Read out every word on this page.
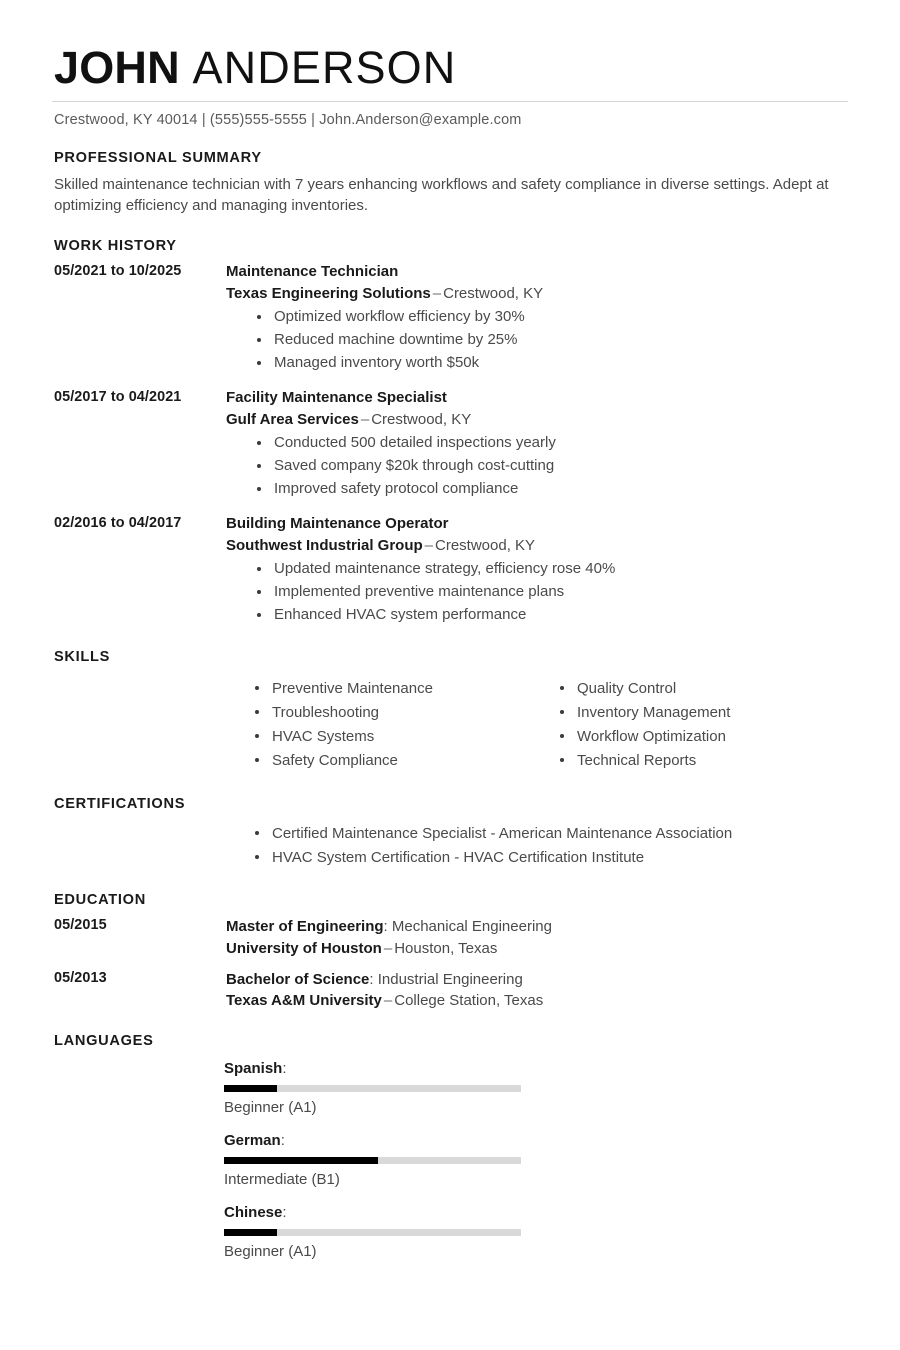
JOHN ANDERSON
Crestwood, KY 40014 | (555)555-5555 | John.Anderson@example.com
PROFESSIONAL SUMMARY
Skilled maintenance technician with 7 years enhancing workflows and safety compliance in diverse settings. Adept at optimizing efficiency and managing inventories.
WORK HISTORY
05/2021 to 10/2025	Maintenance Technician
Texas Engineering Solutions – Crestwood, KY
Optimized workflow efficiency by 30%
Reduced machine downtime by 25%
Managed inventory worth $50k
05/2017 to 04/2021	Facility Maintenance Specialist
Gulf Area Services – Crestwood, KY
Conducted 500 detailed inspections yearly
Saved company $20k through cost-cutting
Improved safety protocol compliance
02/2016 to 04/2017	Building Maintenance Operator
Southwest Industrial Group – Crestwood, KY
Updated maintenance strategy, efficiency rose 40%
Implemented preventive maintenance plans
Enhanced HVAC system performance
SKILLS
Preventive Maintenance
Troubleshooting
HVAC Systems
Safety Compliance
Quality Control
Inventory Management
Workflow Optimization
Technical Reports
CERTIFICATIONS
Certified Maintenance Specialist - American Maintenance Association
HVAC System Certification - HVAC Certification Institute
EDUCATION
05/2015	Master of Engineering: Mechanical Engineering
University of Houston – Houston, Texas
05/2013	Bachelor of Science: Industrial Engineering
Texas A&M University – College Station, Texas
LANGUAGES
Spanish:
Beginner (A1)
German:
Intermediate (B1)
Chinese:
Beginner (A1)
